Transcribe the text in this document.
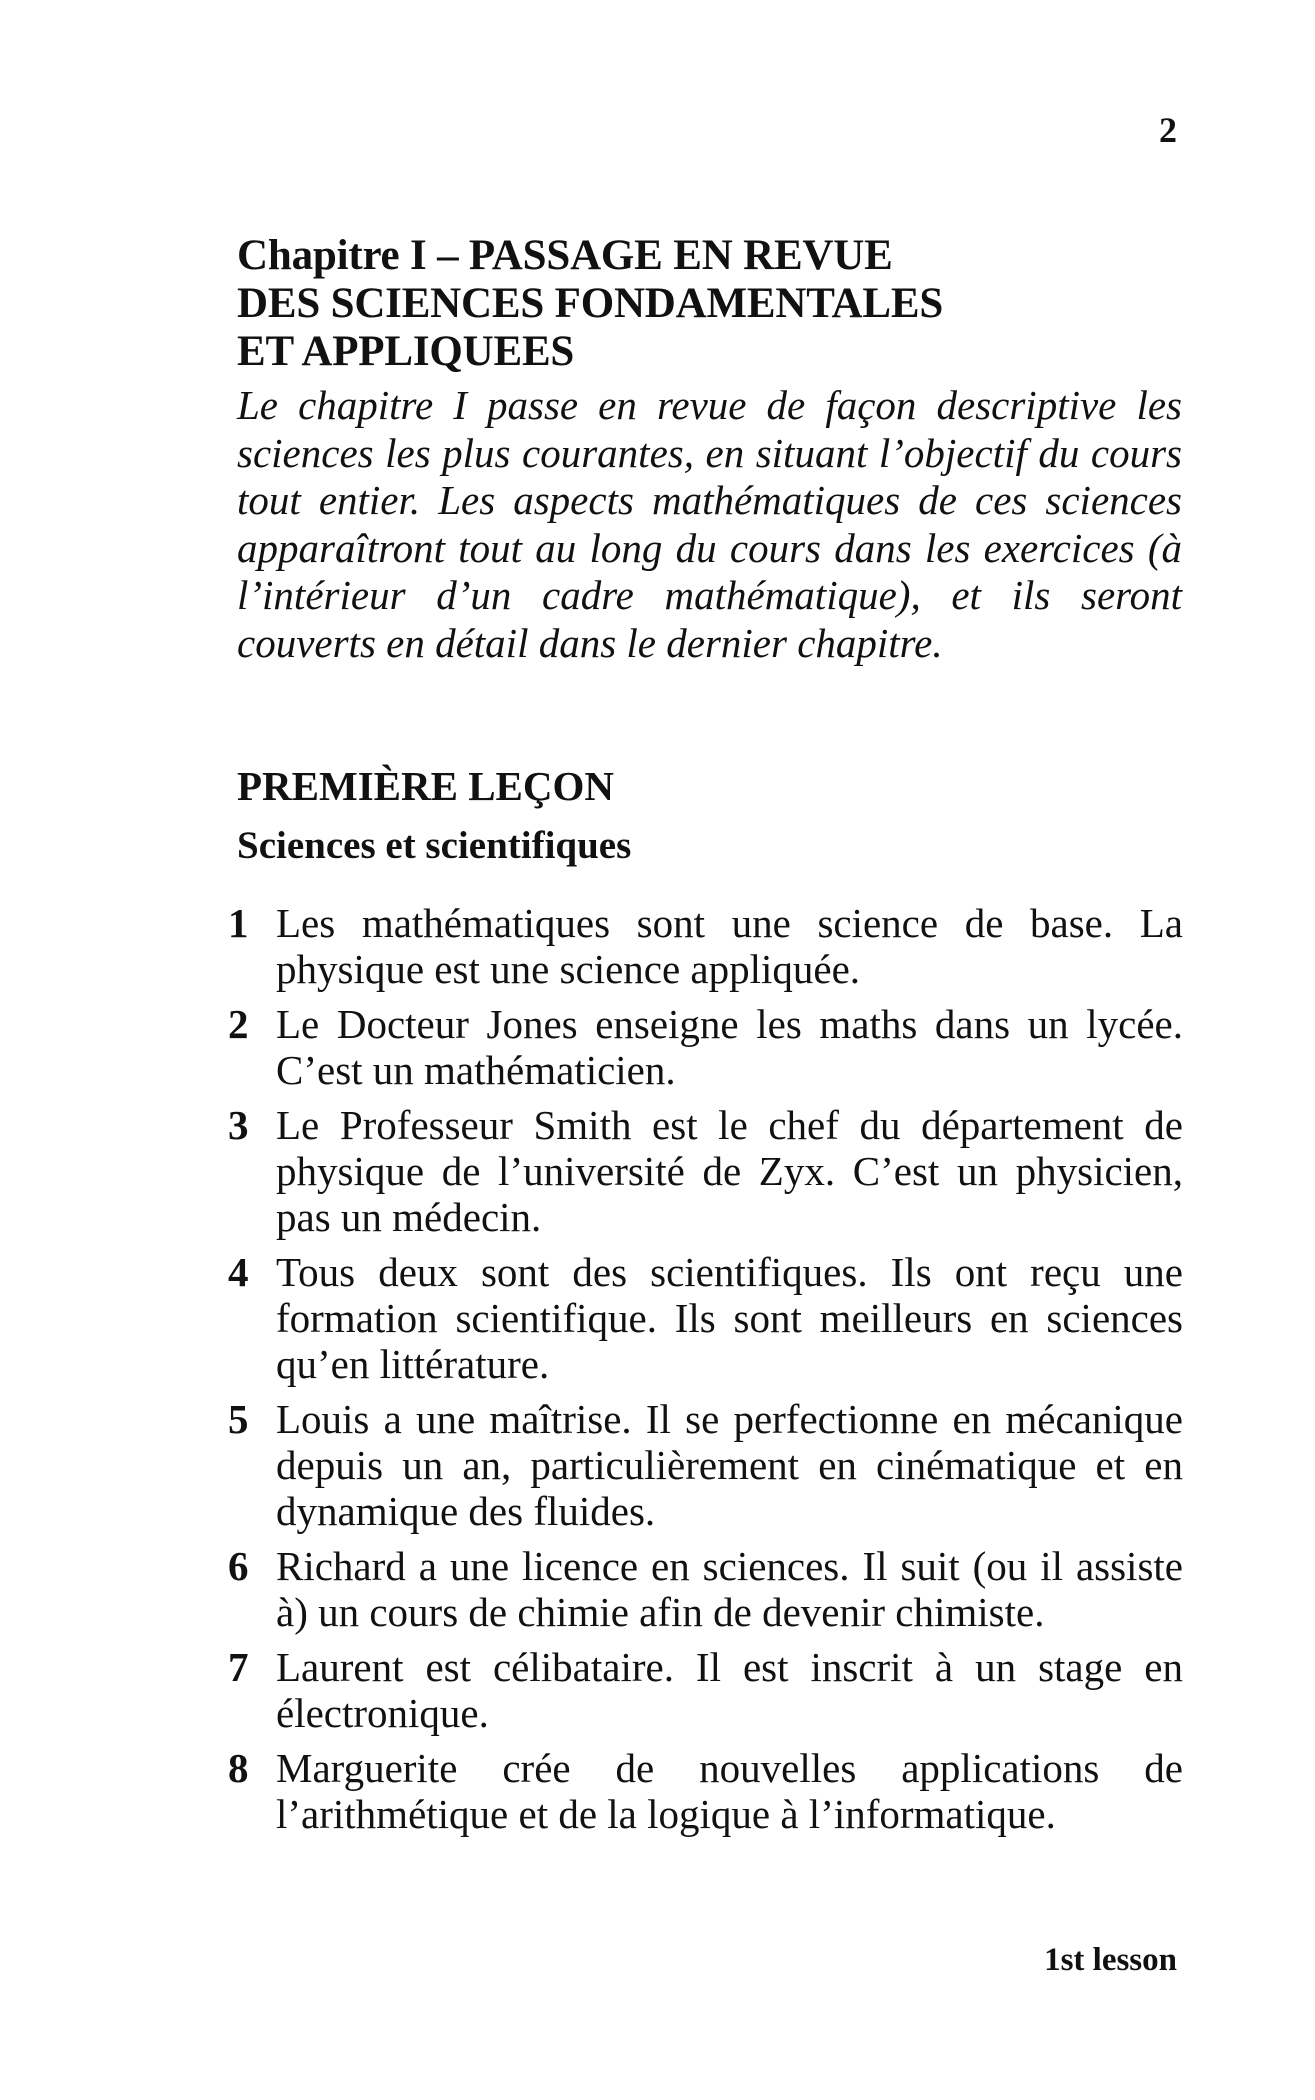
2
Chapitre I – PASSAGE EN REVUE
DES SCIENCES FONDAMENTALES
ET APPLIQUEES

Le chapitre I passe en revue de façon descriptive les sciences les plus courantes, en situant l’objectif du cours tout entier. Les aspects mathématiques de ces sciences apparaîtront tout au long du cours dans les exercices (à l’intérieur d’un cadre mathématique), et ils seront couverts en détail dans le dernier chapitre.

PREMIÈRE LEÇON
Sciences et scientifiques
1 Les mathématiques sont une science de base. La physique est une science appliquée.
2 Le Docteur Jones enseigne les maths dans un lycée. C’est un mathématicien.
3 Le Professeur Smith est le chef du département de physique de l’université de Zyx. C’est un physicien, pas un médecin.
4 Tous deux sont des scientifiques. Ils ont reçu une formation scientifique. Ils sont meilleurs en sciences qu’en littérature.
5 Louis a une maîtrise. Il se perfectionne en mécanique depuis un an, particulièrement en cinématique et en dynamique des fluides.
6 Richard a une licence en sciences. Il suit (ou il assiste à) un cours de chimie afin de devenir chimiste.
7 Laurent est célibataire. Il est inscrit à un stage en électronique.
8 Marguerite crée de nouvelles applications de l’arithmétique et de la logique à l’informatique.

1st lesson
